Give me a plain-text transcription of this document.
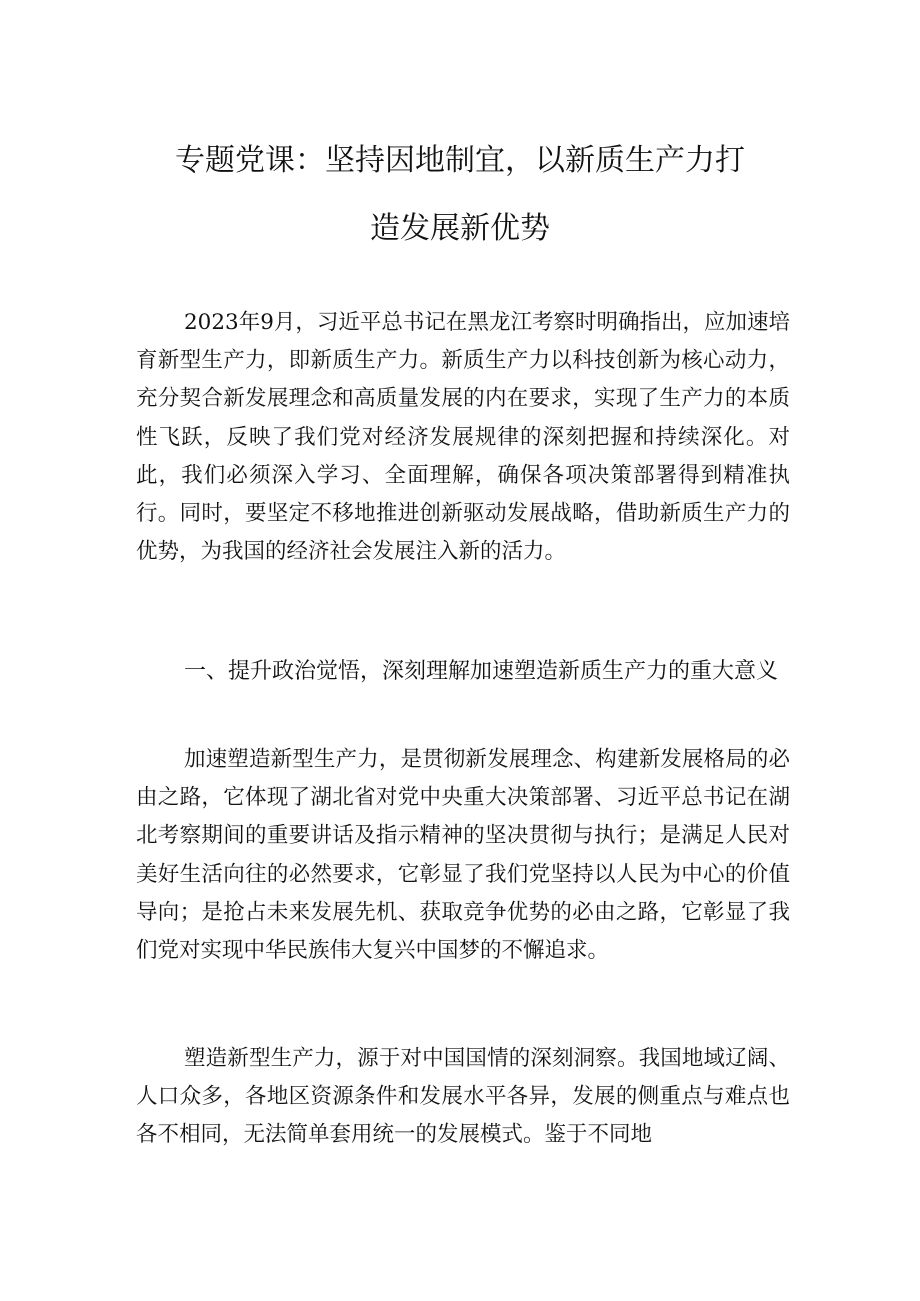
专题党课：坚持因地制宜，以新质生产力打
造发展新优势

2023年9月，习近平总书记在黑龙江考察时明确指出，应加速培育新型生产力，即新质生产力。新质生产力以科技创新为核心动力，充分契合新发展理念和高质量发展的内在要求，实现了生产力的本质性飞跃，反映了我们党对经济发展规律的深刻把握和持续深化。对此，我们必须深入学习、全面理解，确保各项决策部署得到精准执行。同时，要坚定不移地推进创新驱动发展战略，借助新质生产力的优势，为我国的经济社会发展注入新的活力。

一、提升政治觉悟，深刻理解加速塑造新质生产力的重大意义

加速塑造新型生产力，是贯彻新发展理念、构建新发展格局的必由之路，它体现了湖北省对党中央重大决策部署、习近平总书记在湖北考察期间的重要讲话及指示精神的坚决贯彻与执行；是满足人民对美好生活向往的必然要求，它彰显了我们党坚持以人民为中心的价值导向；是抢占未来发展先机、获取竞争优势的必由之路，它彰显了我们党对实现中华民族伟大复兴中国梦的不懈追求。

塑造新型生产力，源于对中国国情的深刻洞察。我国地域辽阔、人口众多，各地区资源条件和发展水平各异，发展的侧重点与难点也各不相同，无法简单套用统一的发展模式。鉴于不同地
